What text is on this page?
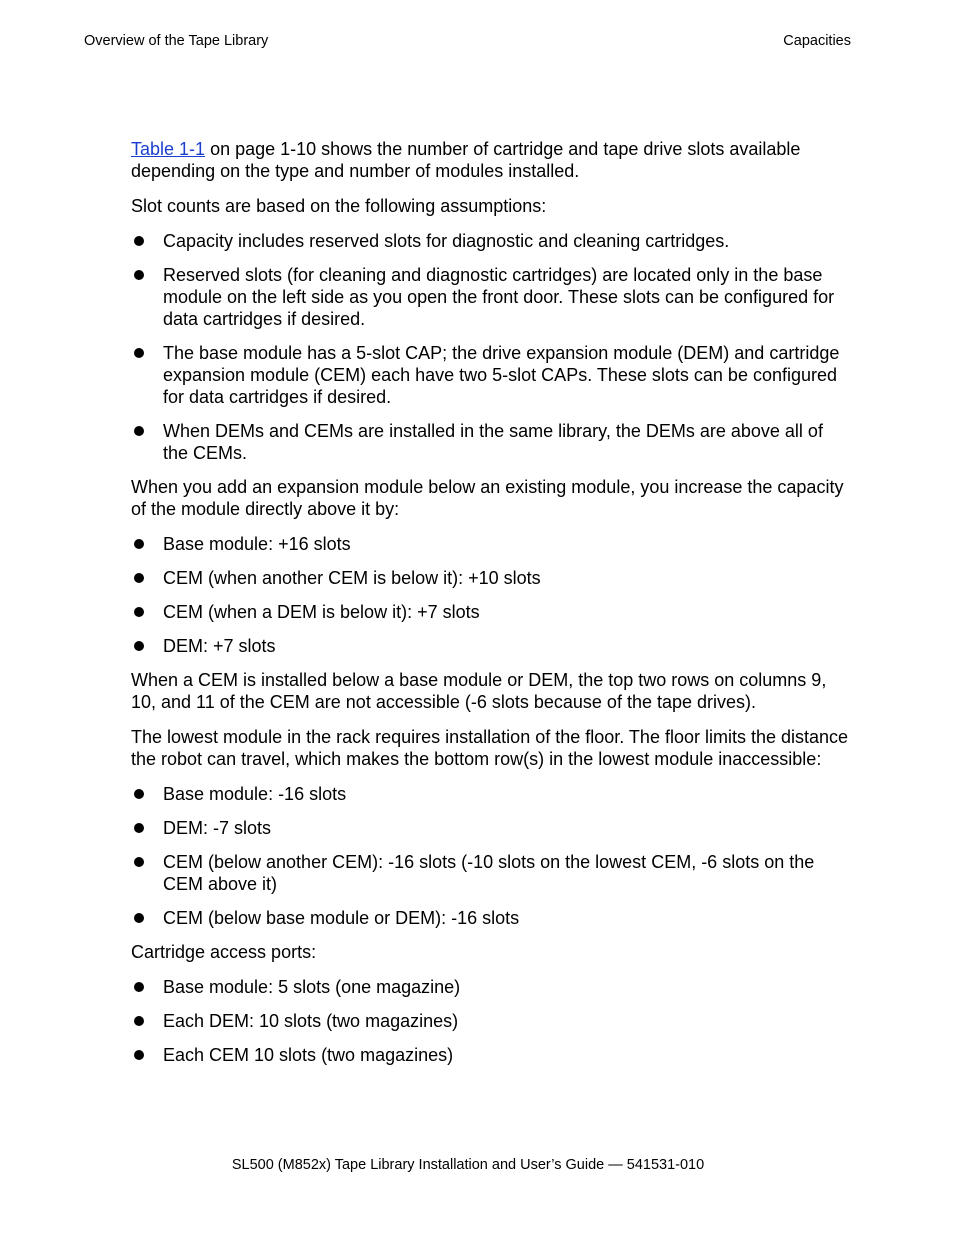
Overview of the Tape Library	Capacities

Table 1-1 on page 1-10 shows the number of cartridge and tape drive slots available depending on the type and number of modules installed.

Slot counts are based on the following assumptions:

Capacity includes reserved slots for diagnostic and cleaning cartridges.
Reserved slots (for cleaning and diagnostic cartridges) are located only in the base module on the left side as you open the front door. These slots can be configured for data cartridges if desired.
The base module has a 5-slot CAP; the drive expansion module (DEM) and cartridge expansion module (CEM) each have two 5-slot CAPs. These slots can be configured for data cartridges if desired.
When DEMs and CEMs are installed in the same library, the DEMs are above all of the CEMs.

When you add an expansion module below an existing module, you increase the capacity of the module directly above it by:

Base module: +16 slots
CEM (when another CEM is below it): +10 slots
CEM (when a DEM is below it): +7 slots
DEM: +7 slots

When a CEM is installed below a base module or DEM, the top two rows on columns 9, 10, and 11 of the CEM are not accessible (-6 slots because of the tape drives).

The lowest module in the rack requires installation of the floor. The floor limits the distance the robot can travel, which makes the bottom row(s) in the lowest module inaccessible:

Base module: -16 slots
DEM: -7 slots
CEM (below another CEM): -16 slots (-10 slots on the lowest CEM, -6 slots on the CEM above it)
CEM (below base module or DEM): -16 slots

Cartridge access ports:

Base module: 5 slots (one magazine)
Each DEM: 10 slots (two magazines)
Each CEM 10 slots (two magazines)
SL500 (M852x) Tape Library Installation and User’s Guide — 541531-010
